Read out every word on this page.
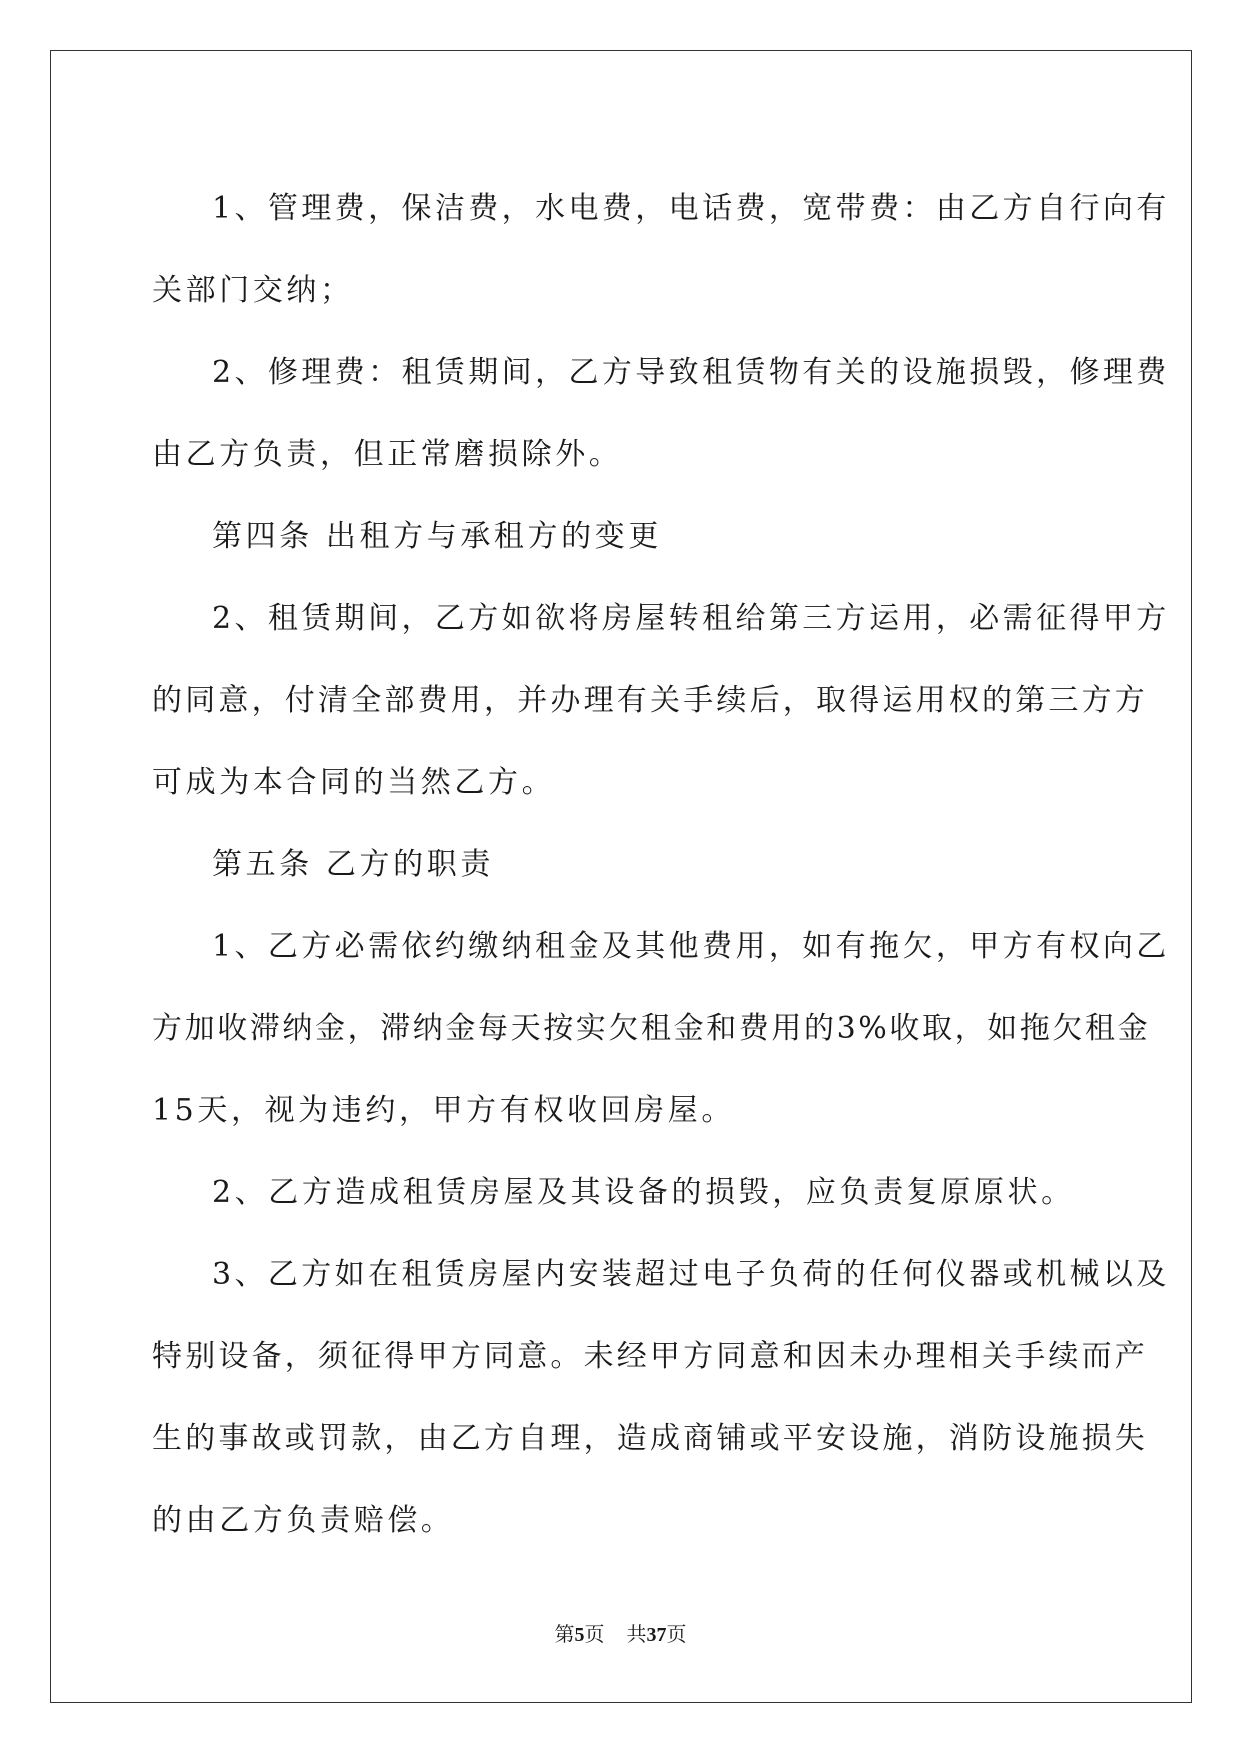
1、管理费，保洁费，水电费，电话费，宽带费：由乙方自行向有
关部门交纳；

2、修理费：租赁期间，乙方导致租赁物有关的设施损毁，修理费
由乙方负责，但正常磨损除外。

第四条 出租方与承租方的变更

2、租赁期间，乙方如欲将房屋转租给第三方运用，必需征得甲方
的同意，付清全部费用，并办理有关手续后，取得运用权的第三方方
可成为本合同的当然乙方。

第五条 乙方的职责

1、乙方必需依约缴纳租金及其他费用，如有拖欠，甲方有权向乙
方加收滞纳金，滞纳金每天按实欠租金和费用的3%收取，如拖欠租金
15天，视为违约，甲方有权收回房屋。

2、乙方造成租赁房屋及其设备的损毁，应负责复原原状。

3、乙方如在租赁房屋内安装超过电子负荷的任何仪器或机械以及
特别设备，须征得甲方同意。未经甲方同意和因未办理相关手续而产
生的事故或罚款，由乙方自理，造成商铺或平安设施，消防设施损失
的由乙方负责赔偿。

第5页 共37页
